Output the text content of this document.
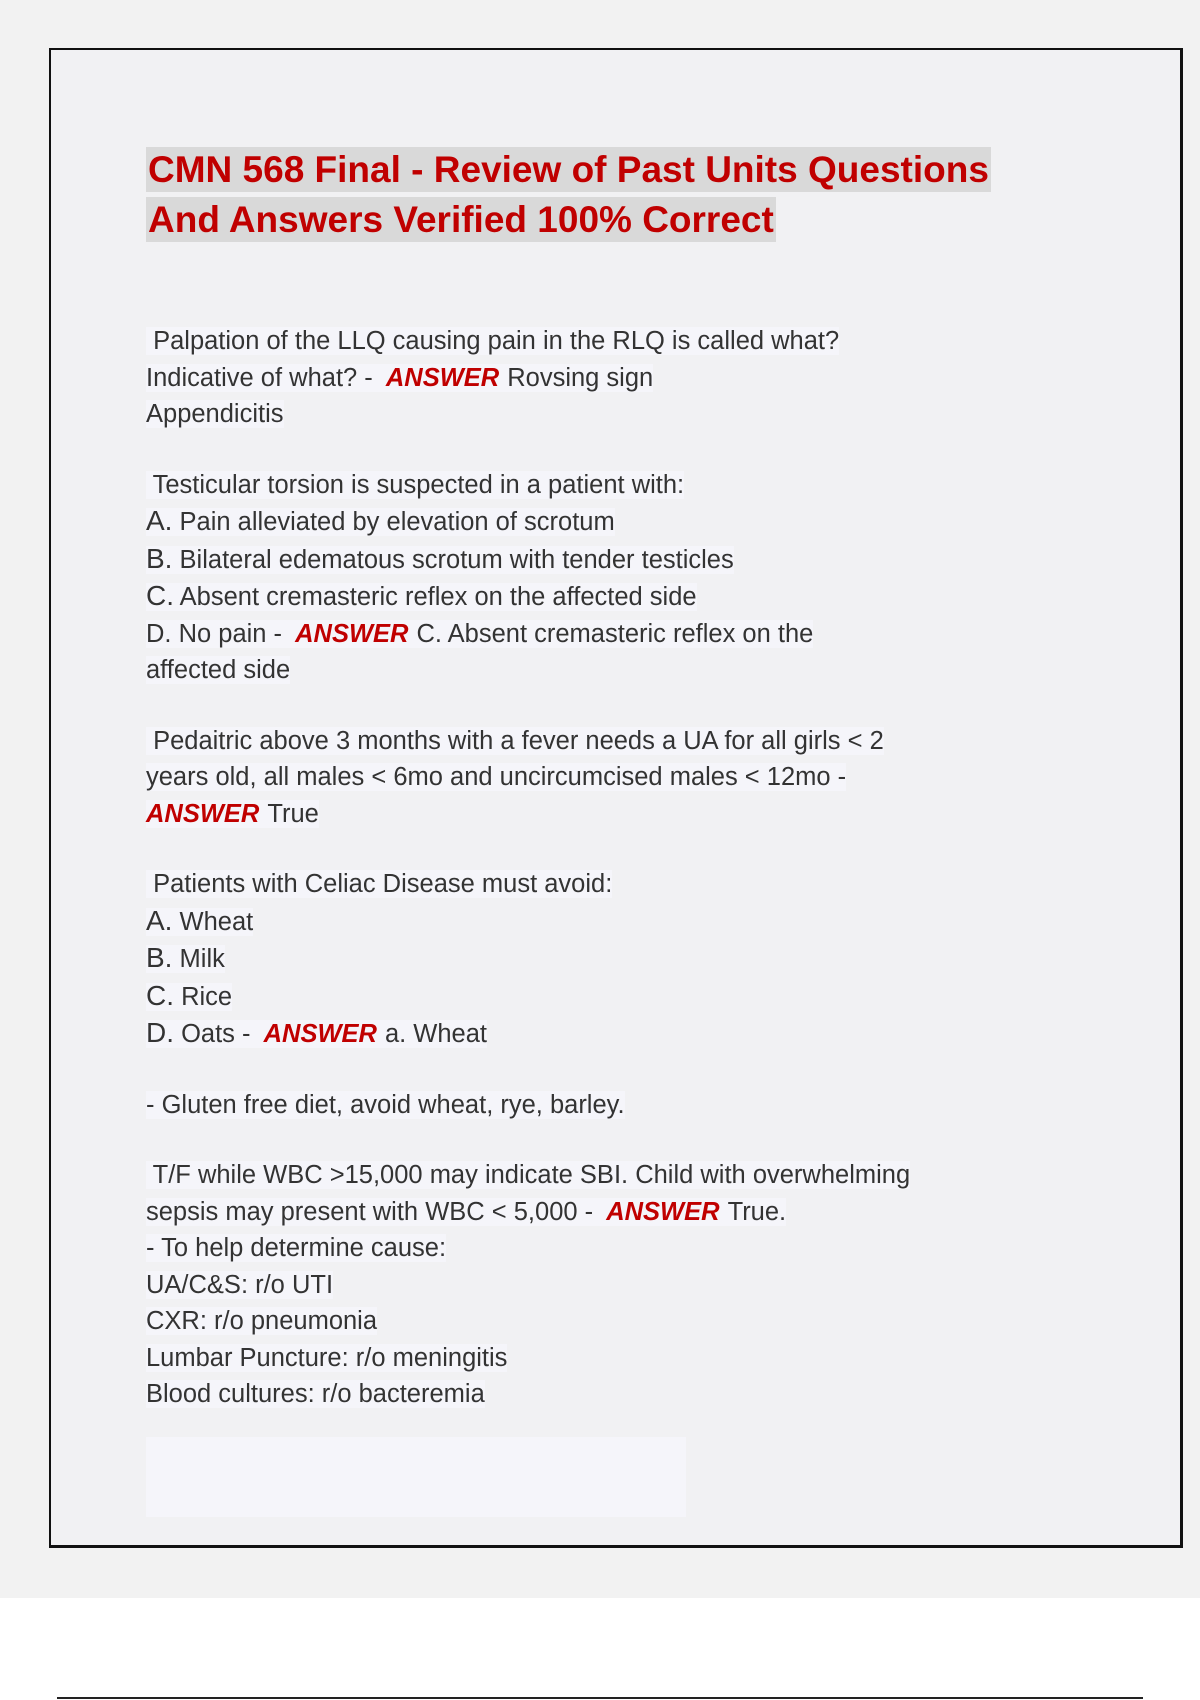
CMN 568 Final - Review of Past Units Questions
And Answers Verified 100% Correct
Palpation of the LLQ causing pain in the RLQ is called what?
Indicative of what? - ANSWER Rovsing sign
Appendicitis
Testicular torsion is suspected in a patient with:
A. Pain alleviated by elevation of scrotum
B. Bilateral edematous scrotum with tender testicles
C. Absent cremasteric reflex on the affected side
D. No pain - ANSWER C. Absent cremasteric reflex on the
affected side
Pedaitric above 3 months with a fever needs a UA for all girls < 2
years old, all males < 6mo and uncircumcised males < 12mo -
ANSWER True
Patients with Celiac Disease must avoid:
A. Wheat
B. Milk
C. Rice
D. Oats - ANSWER a. Wheat
- Gluten free diet, avoid wheat, rye, barley.
T/F while WBC >15,000 may indicate SBI. Child with overwhelming
sepsis may present with WBC < 5,000 - ANSWER True.
- To help determine cause:
UA/C&S: r/o UTI
CXR: r/o pneumonia
Lumbar Puncture: r/o meningitis
Blood cultures: r/o bacteremia
